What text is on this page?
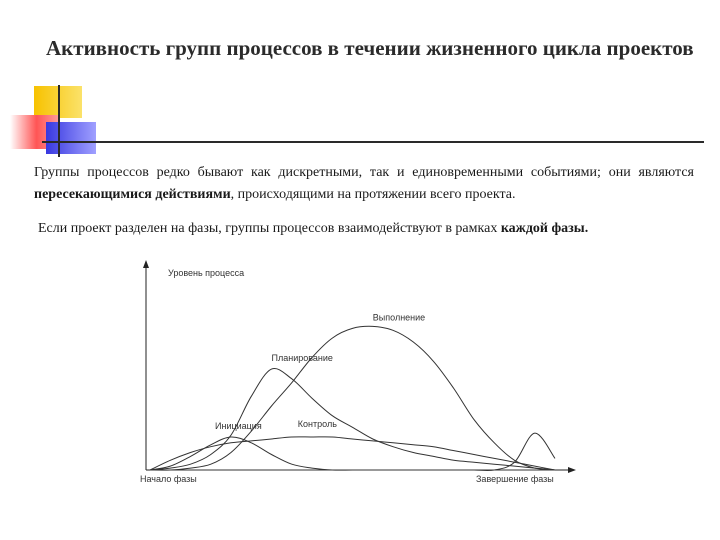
Активность групп процессов в течении жизненного цикла проектов

Группы процессов редко бывают как дискретными, так и единовременными событиями; они являются пересекающимися действиями, происходящими на протяжении всего проекта.

Если проект разделен на фазы, группы процессов взаимодействуют в рамках каждой фазы.

Уровень процесса
Начало фазы	Завершение фазы
Инициация
Планирование
Выполнение
Контроль
